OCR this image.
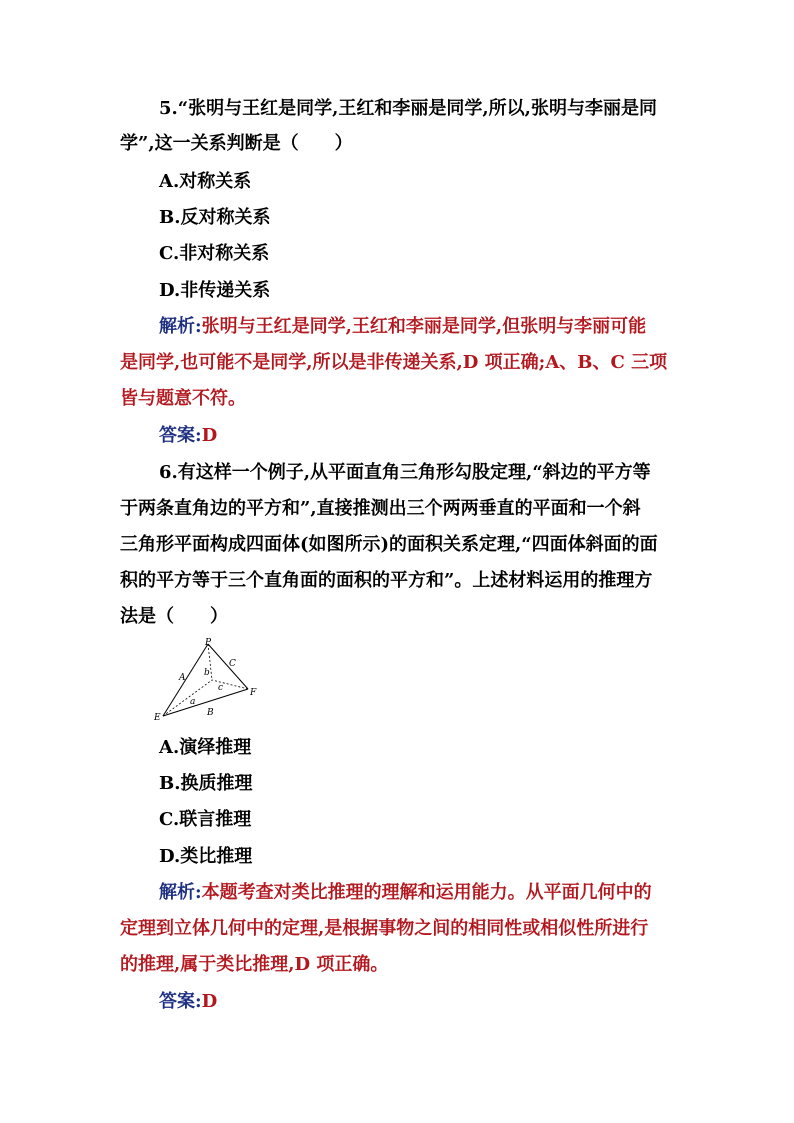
5.“张明与王红是同学,王红和李丽是同学,所以,张明与李丽是同
学”,这一关系判断是（　　）
A.对称关系
B.反对称关系
C.非对称关系
D.非传递关系
解析:张明与王红是同学,王红和李丽是同学,但张明与李丽可能
是同学,也可能不是同学,所以是非传递关系,D 项正确;A、B、C 三项
皆与题意不符。
答案:D
6.有这样一个例子,从平面直角三角形勾股定理,“斜边的平方等
于两条直角边的平方和”,直接推测出三个两两垂直的平面和一个斜
三角形平面构成四面体(如图所示)的面积关系定理,“四面体斜面的面
积的平方等于三个直角面的面积的平方和”。上述材料运用的推理方
法是（　　）
P
E
F
A
B
C
a
b
c
A.演绎推理
B.换质推理
C.联言推理
D.类比推理
解析:本题考查对类比推理的理解和运用能力。从平面几何中的
定理到立体几何中的定理,是根据事物之间的相同性或相似性所进行
的推理,属于类比推理,D 项正确。
答案:D
